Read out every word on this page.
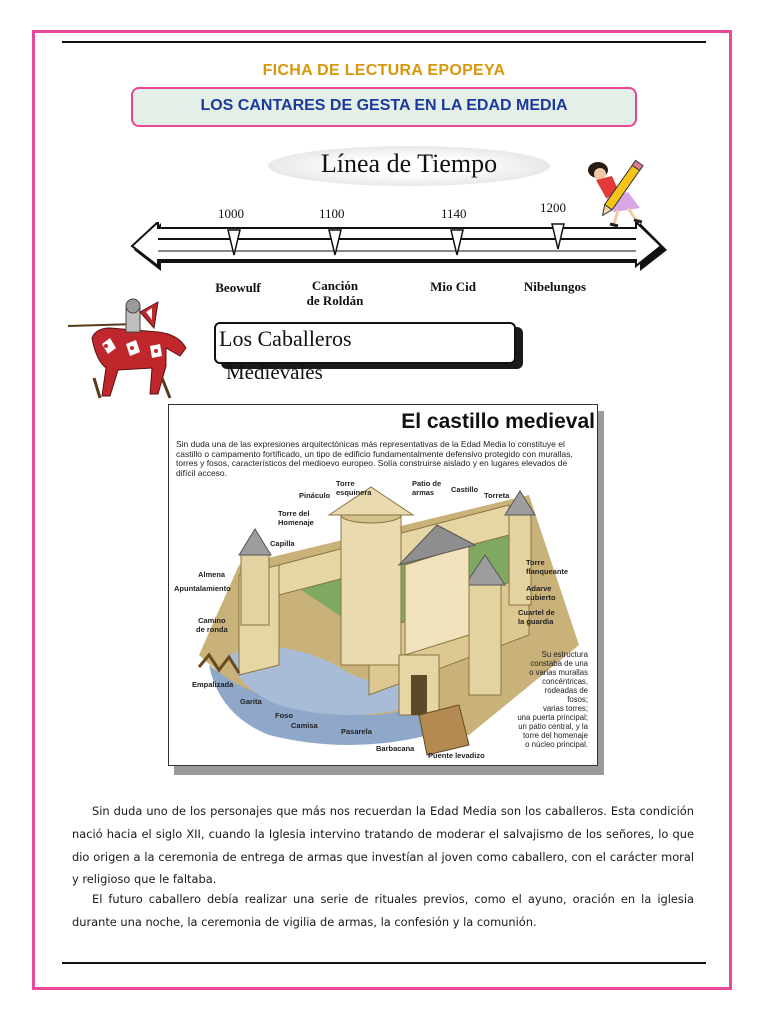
FICHA DE LECTURA EPOPEYA
LOS CANTARES DE GESTA EN LA EDAD MEDIA
Línea de Tiempo
1000	1100	1140	1200
Beowulf	Canción
de Roldán
Mio Cid	Nibelungos
Los Caballeros
Medievales
El castillo medieval
Sin duda una de las expresiones arquitectónicas más representativas de la Edad Media lo constituye el castillo o campamento fortificado, un tipo de edificio fundamentalmente defensivo protegido con murallas, torres y fosos, característicos del medioevo europeo. Solía construirse aislado y en lugares elevados de difícil acceso.
Torre
esquinera
Patio de
armas	Castillo
Torreta
Pináculo
Torre del
Homenaje
Capilla
Almena
Apuntalamiento
Camino
de ronda
Torre
flanqueante
Adarve
cubierto
Cuartel de
la guardia
Empalizada
Garita
Foso
Camisa
Pasarela
Barbacana
Puente levadizo
Su estructura
constaba de una
o varias murallas
concéntricas,
rodeadas de
fosos;
varias torres;
una puerta principal;
un patio central, y la
torre del homenaje
o núcleo principal.
Sin duda uno de los personajes que más nos recuerdan la Edad Media son los caballeros. Esta condición nació hacia el siglo XII, cuando la Iglesia intervino tratando de moderar el salvajismo de los señores, lo que dio origen a la ceremonia de entrega de armas que investían al joven como caballero, con el carácter moral y religioso que le faltaba.
El futuro caballero debía realizar una serie de rituales previos, como el ayuno, oración en la iglesia durante una noche, la ceremonia de vigilia de armas, la confesión y la comunión.
